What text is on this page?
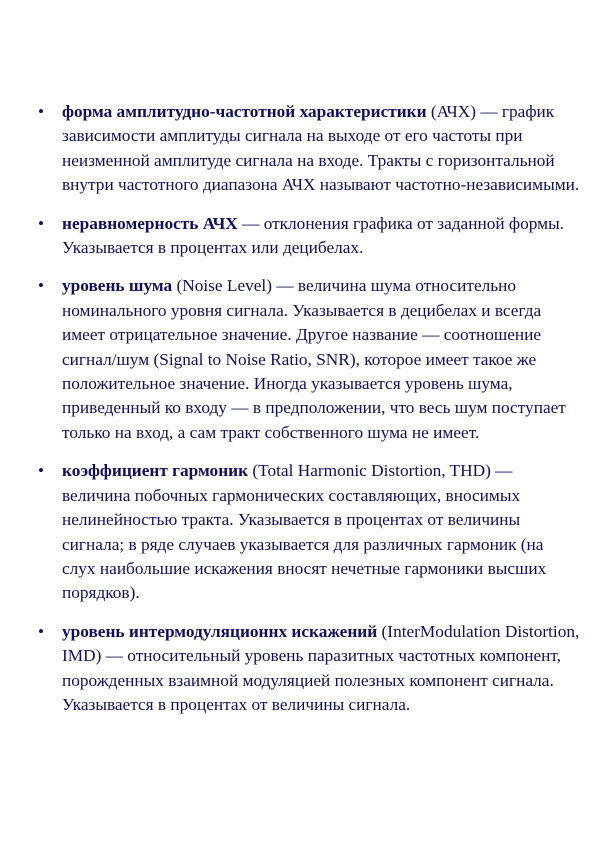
• форма амплитудно-частотной характеристики (АЧХ) — график зависимости амплитуды сигнала на выходе от его частоты при неизменной амплитуде сигнала на входе. Тракты с горизонтальной внутри частотного диапазона АЧХ называют частотно-независимыми.
• неравномерность АЧХ — отклонения графика от заданной формы. Указывается в процентах или децибелах.
• уровень шума (Noise Level) — величина шума относительно номинального уровня сигнала. Указывается в децибелах и всегда имеет отрицательное значение. Другое название — соотношение сигнал/шум (Signal to Noise Ratio, SNR), которое имеет такое же положительное значение. Иногда указывается уровень шума, приведенный ко входу — в предположении, что весь шум поступает только на вход, а сам тракт собственного шума не имеет.
• коэффициент гармоник (Total Harmonic Distortion, THD) — величина побочных гармонических составляющих, вносимых нелинейностью тракта. Указывается в процентах от величины сигнала; в ряде случаев указывается для различных гармоник (на слух наибольшие искажения вносят нечетные гармоники высших порядков).
• уровень интермодуляционнх искажений (InterModulation Distortion, IMD) — относительный уровень паразитных частотных компонент, порожденных взаимной модуляцией полезных компонент сигнала. Указывается в процентах от величины сигнала.
